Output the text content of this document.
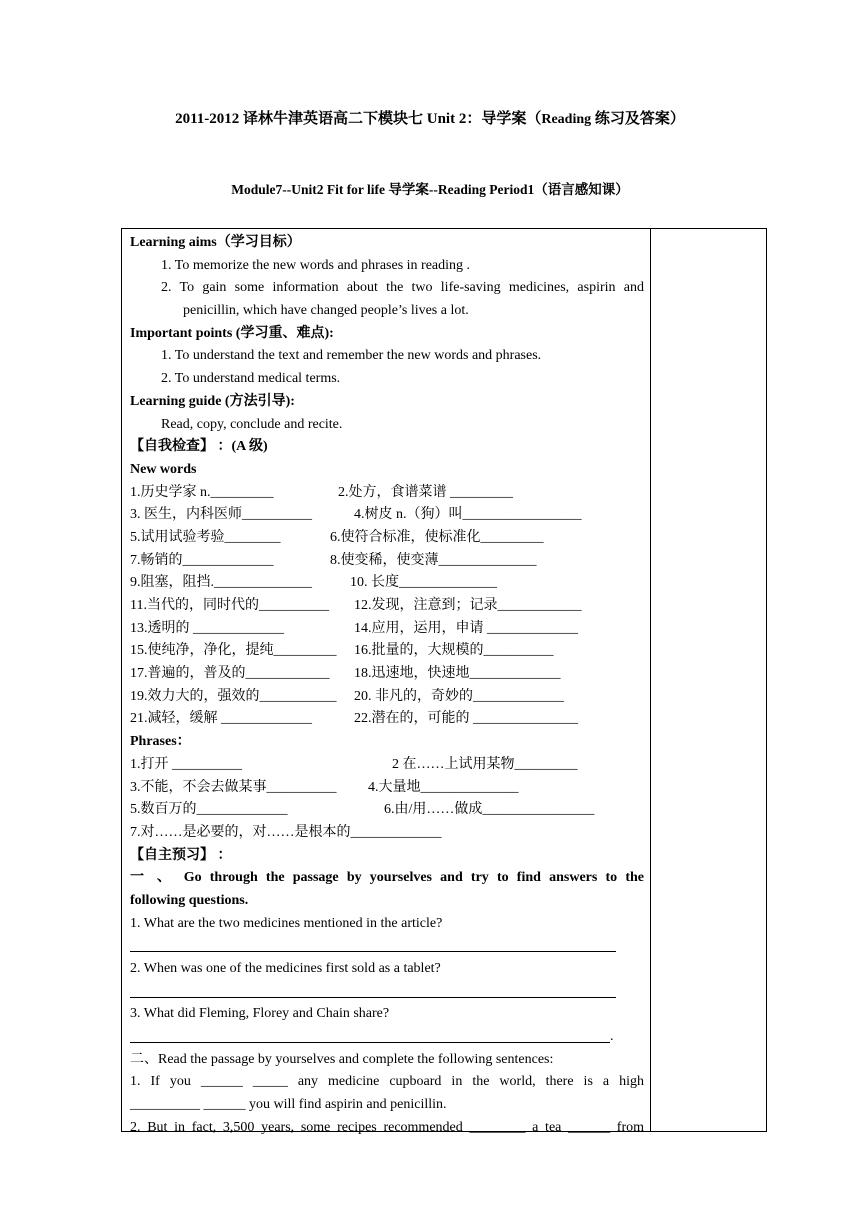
2011-2012 译林牛津英语高二下模块七 Unit 2：导学案（Reading 练习及答案）
Module7--Unit2 Fit for life 导学案--Reading Period1（语言感知课）
Learning aims（学习目标）
1. To memorize the new words and phrases in reading .
2. To gain some information about the two life-saving medicines, aspirin and
penicillin, which have changed people’s lives a lot.
Important points (学习重、难点):
1. To understand the text and remember the new words and phrases.
2. To understand medical terms.
Learning guide (方法引导):
Read, copy, conclude and recite.
【自我检查】 ：(A 级)
New words
1.历史学家 n._________	2.处方，食谱菜谱 _________
3. 医生，内科医师__________	4.树皮 n.（狗）叫_________________
5.试用试验考验________	6.使符合标准，使标准化_________
7.畅销的_____________	8.使变稀，使变薄______________
9.阻塞，阻挡.______________	10. 长度______________
11.当代的，同时代的__________ 12.发现，注意到；记录____________
13.透明的 _____________	14.应用，运用，申请 _____________
15.使纯净，净化，提纯_________ 16.批量的，大规模的__________
17.普遍的，普及的____________ 18.迅速地，快速地_____________
19.效力大的，强效的___________ 20. 非凡的，奇妙的_____________
21.减轻，缓解 _____________	22.潜在的，可能的 _______________
Phrases：
1.打开 __________	2 在……上试用某物_________
3.不能，不会去做某事__________ 4.大量地______________
5.数百万的_____________	6.由/用……做成________________
7.对……是必要的，对……是根本的_____________
【自主预习】 ：
一 、 Go through the passage by yourselves and try to find answers to the
following questions.
1. What are the two medicines mentioned in the article?
2. When was one of the medicines first sold as a tablet?
3. What did Fleming, Florey and Chain share?
.
二、Read the passage by yourselves and complete the following sentences:
1. If you ______ _____ any medicine cupboard in the world, there is a high
__________ ______ you will find aspirin and penicillin.
2. But in fact, 3,500 years, some recipes recommended ________ a tea ______ from
